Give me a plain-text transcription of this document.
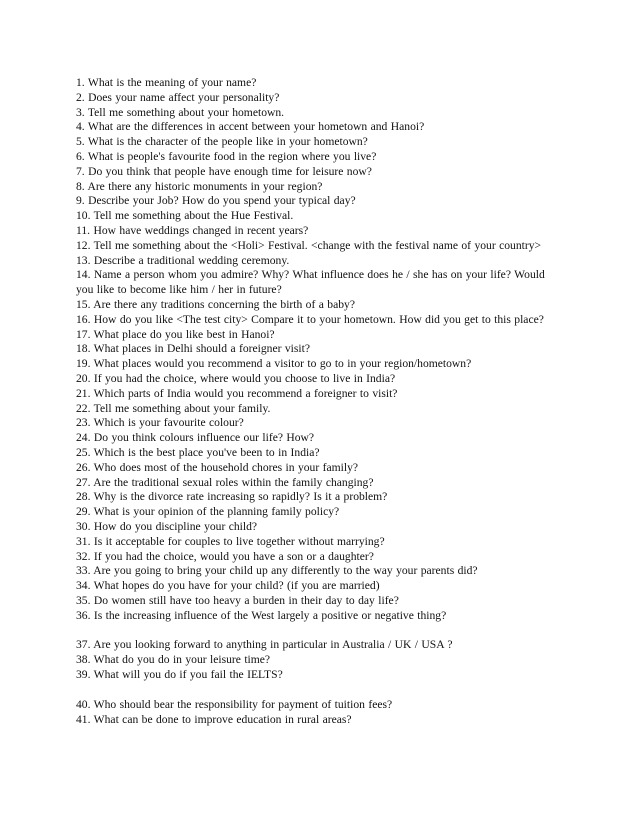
1. What is the meaning of your name?

2. Does your name affect your personality?

3. Tell me something about your hometown.

4. What are the differences in accent between your hometown and Hanoi?

5. What is the character of the people like in your hometown?

6. What is people's favourite food in the region where you live?

7. Do you think that people have enough time for leisure now?

8. Are there any historic monuments in your region?

9. Describe your Job? How do you spend your typical day?

10. Tell me something about the Hue Festival.

11. How have weddings changed in recent years?

12. Tell me something about the <Holi> Festival. <change with the festival name of your country>

13. Describe a traditional wedding ceremony.

14. Name a person whom you admire? Why? What influence does he / she has on your life? Would you like to become like him / her in future?

15. Are there any traditions concerning the birth of a baby?

16. How do you like <The test city> Compare it to your hometown. How did you get to this place?

17. What place do you like best in Hanoi?

18. What places in Delhi should a foreigner visit?

19. What places would you recommend a visitor to go to in your region/hometown?

20. If you had the choice, where would you choose to live in India?

21. Which parts of India would you recommend a foreigner to visit?

22. Tell me something about your family.

23. Which is your favourite colour?

24. Do you think colours influence our life? How?

25. Which is the best place you've been to in India?

26. Who does most of the household chores in your family?

27. Are the traditional sexual roles within the family changing?

28. Why is the divorce rate increasing so rapidly? Is it a problem?

29. What is your opinion of the planning family policy?

30. How do you discipline your child?

31. Is it acceptable for couples to live together without marrying?

32. If you had the choice, would you have a son or a daughter?

33. Are you going to bring your child up any differently to the way your parents did?

34. What hopes do you have for your child? (if you are married)

35. Do women still have too heavy a burden in their day to day life?

36. Is the increasing influence of the West largely a positive or negative thing?

37. Are you looking forward to anything in particular in Australia / UK / USA ?

38. What do you do in your leisure time?

39. What will you do if you fail the IELTS?

40. Who should bear the responsibility for payment of tuition fees?

41. What can be done to improve education in rural areas?
